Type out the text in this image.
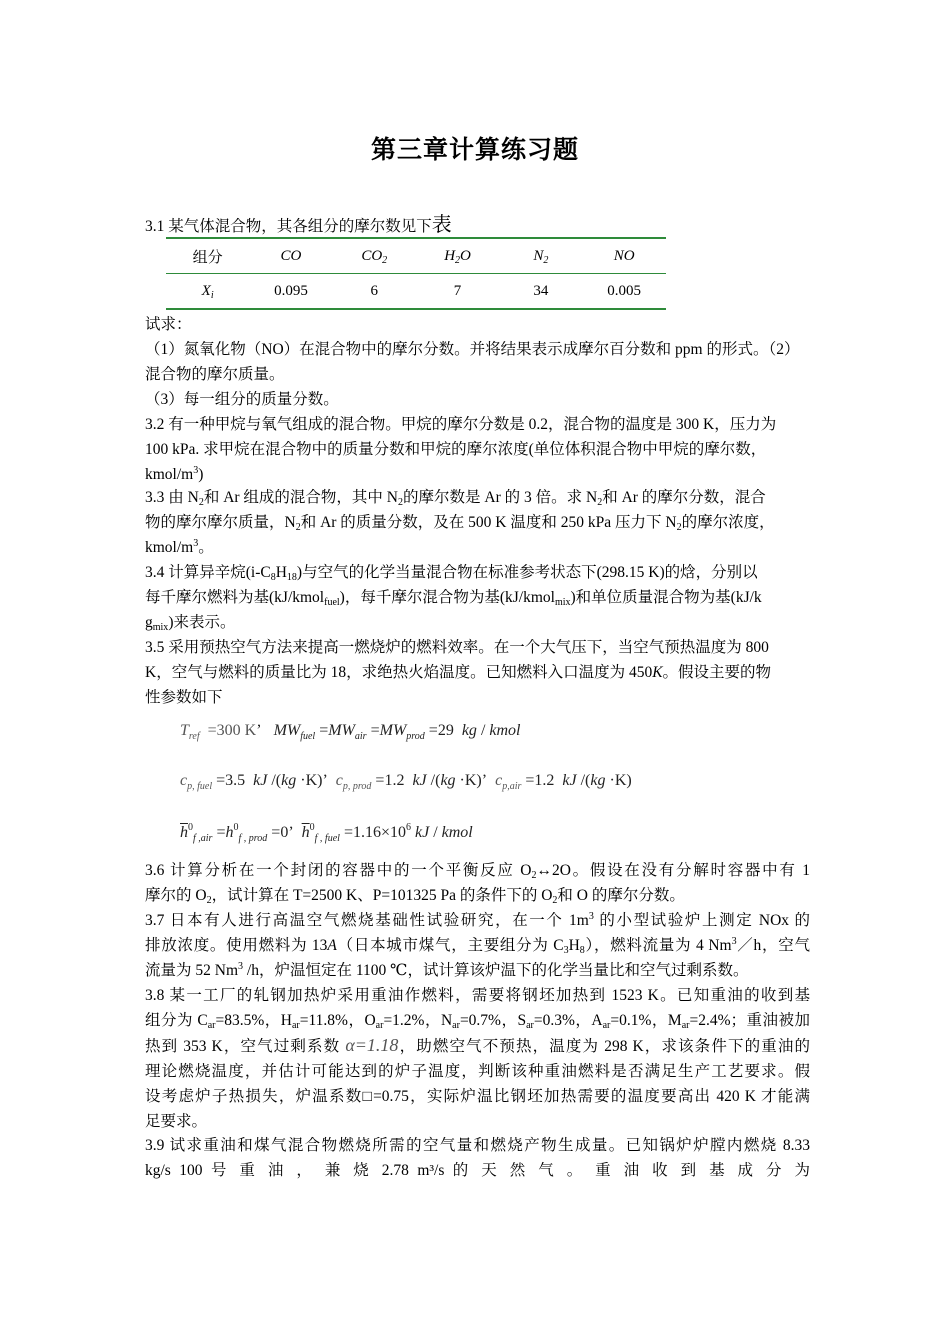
第三章计算练习题
3.1 某气体混合物，其各组分的摩尔数见下表
组分	CO	$CO_2$	$H_2O$	$N_2$	NO
$X_i$	0.095	6	7	34	0.005
试求：
（1）氮氧化物（NO）在混合物中的摩尔分数。并将结果表示成摩尔百分数和 ppm 的形式。（2）
混合物的摩尔质量。
（3）每一组分的质量分数。
3.2 有一种甲烷与氧气组成的混合物。甲烷的摩尔分数是 0.2，混合物的温度是 300 K，压力为
100 kPa. 求甲烷在混合物中的质量分数和甲烷的摩尔浓度(单位体积混合物中甲烷的摩尔数，
kmol/$m^3$)
3.3 由 $N_2$和 Ar 组成的混合物，其中 $N_2$的摩尔数是 Ar 的 3 倍。求 $N_2$和 Ar 的摩尔分数，混合
物的摩尔摩尔质量，$N_2$和 Ar 的质量分数，及在 500 K 温度和 250 kPa 压力下 $N_2$的摩尔浓度，
kmol/$m^3$。
3.4 计算异辛烷$(i-C_8H_{18})$与空气的化学当量混合物在标准参考状态下(298.15 K)的焓，分别以
每千摩尔燃料为基(kJ/kmol$_{fuel}$)，每千摩尔混合物为基(kJ/kmol$_{mix}$)和单位质量混合物为基(kJ/k
$g_{mix}$)来表示。
3.5 采用预热空气方法来提高一燃烧炉的燃料效率。在一个大气压下，当空气预热温度为 800
K，空气与燃料的质量比为 18，求绝热火焰温度。已知燃料入口温度为 450K。假设主要的物
性参数如下
$T_{ref} =300$ K’   $MW_{fuel} =MW_{air} =MW_{prod} =29$  kg / kmol
$c_{p, fuel} =3.5$  kJ /(kg ·K)’  $c_{p, prod} =1.2$  kJ /(kg ·K)’  $c_{p,air} =1.2$  kJ /(kg ·K)
$\overline{h}^0_{f ,air} =h^0_{f , prod} =0$’  $\overline{h}^0_{f , fuel} =1.16\times 10^6$ kJ / kmol
3.6 计算分析在一个封闭的容器中的一个平衡反应 $O_2\leftrightarrow 2O$。假设在没有分解时容器中有 1
摩尔的 $O_2$，试计算在 T=2500 K、P=101325 Pa 的条件下的 $O_2$和 O 的摩尔分数。
3.7 日本有人进行高温空气燃烧基础性试验研究，在一个 $1m^3$ 的小型试验炉上测定 NOx 的
排放浓度。使用燃料为 13A（日本城市煤气，主要组分为 $C_3H_8$），燃料流量为 4 Nm$^3$／h，空气
流量为 52 Nm$^3$ /h，炉温恒定在 1100 ℃，试计算该炉温下的化学当量比和空气过剩系数。
3.8 某一工厂的轧钢加热炉采用重油作燃料，需要将钢坯加热到 1523 K。已知重油的收到基
组分为 $C_{ar}=83.5\%$，$H_{ar}=11.8\%$，$O_{ar}=1.2\%$，$N_{ar}=0.7\%$，$S_{ar}=0.3\%$，$A_{ar}=0.1\%$，$M_{ar}=2.4\%$；重油被加
热到 353 K，空气过剩系数 α=1.18，助燃空气不预热，温度为 298 K，求该条件下的重油的
理论燃烧温度，并估计可能达到的炉子温度，判断该种重油燃料是否满足生产工艺要求。假
设考虑炉子热损失，炉温系数□=0.75，实际炉温比钢坯加热需要的温度要高出 420 K 才能满
足要求。
3.9 试求重油和煤气混合物燃烧所需的空气量和燃烧产物生成量。已知锅炉炉膛内燃烧 8.33
kg/s 100 号 重 油 ， 兼 烧 2.78 m³/s 的 天 然 气 。 重 油 收 到 基 成 分 为
